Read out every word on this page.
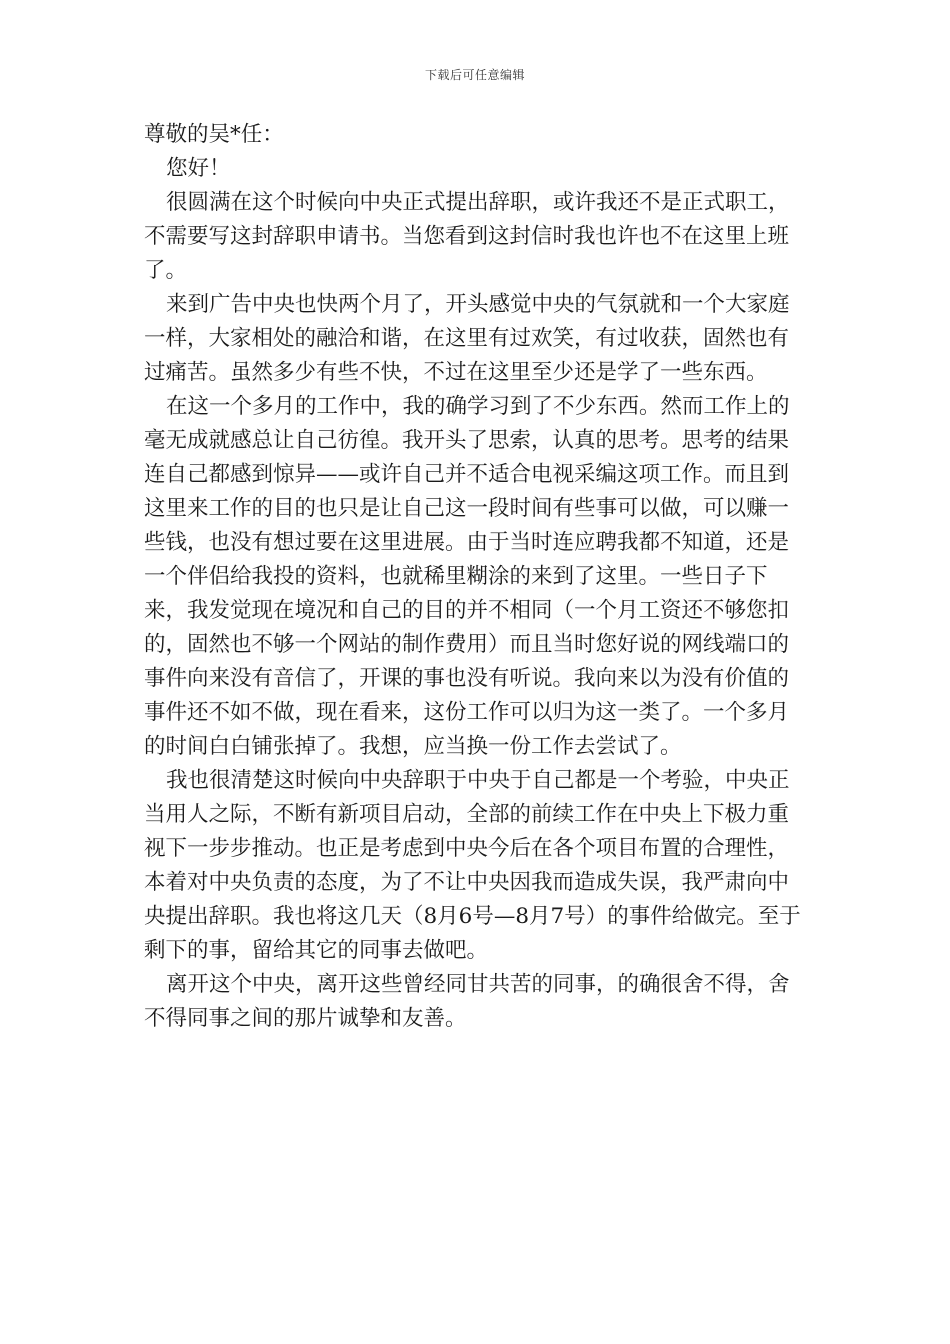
下载后可任意编辑

尊敬的吴*任：

您好！

很圆满在这个时候向中央正式提出辞职，或许我还不是正式职工，不需要写这封辞职申请书。当您看到这封信时我也许也不在这里上班了。

来到广告中央也快两个月了，开头感觉中央的气氛就和一个大家庭一样，大家相处的融洽和谐，在这里有过欢笑，有过收获，固然也有过痛苦。虽然多少有些不快，不过在这里至少还是学了一些东西。

在这一个多月的工作中，我的确学习到了不少东西。然而工作上的毫无成就感总让自己彷徨。我开头了思索，认真的思考。思考的结果连自己都感到惊异——或许自己并不适合电视采编这项工作。而且到这里来工作的目的也只是让自己这一段时间有些事可以做，可以赚一些钱，也没有想过要在这里进展。由于当时连应聘我都不知道，还是一个伴侣给我投的资料，也就稀里糊涂的来到了这里。一些日子下来，我发觉现在境况和自己的目的并不相同（一个月工资还不够您扣的，固然也不够一个网站的制作费用）而且当时您好说的网线端口的事件向来没有音信了，开课的事也没有听说。我向来以为没有价值的事件还不如不做，现在看来，这份工作可以归为这一类了。一个多月的时间白白铺张掉了。我想，应当换一份工作去尝试了。

我也很清楚这时候向中央辞职于中央于自己都是一个考验，中央正当用人之际，不断有新项目启动，全部的前续工作在中央上下极力重视下一步步推动。也正是考虑到中央今后在各个项目布置的合理性，本着对中央负责的态度，为了不让中央因我而造成失误，我严肃向中央提出辞职。我也将这几天（8月6号—8月7号）的事件给做完。至于剩下的事，留给其它的同事去做吧。

离开这个中央，离开这些曾经同甘共苦的同事，的确很舍不得，舍不得同事之间的那片诚挚和友善。
